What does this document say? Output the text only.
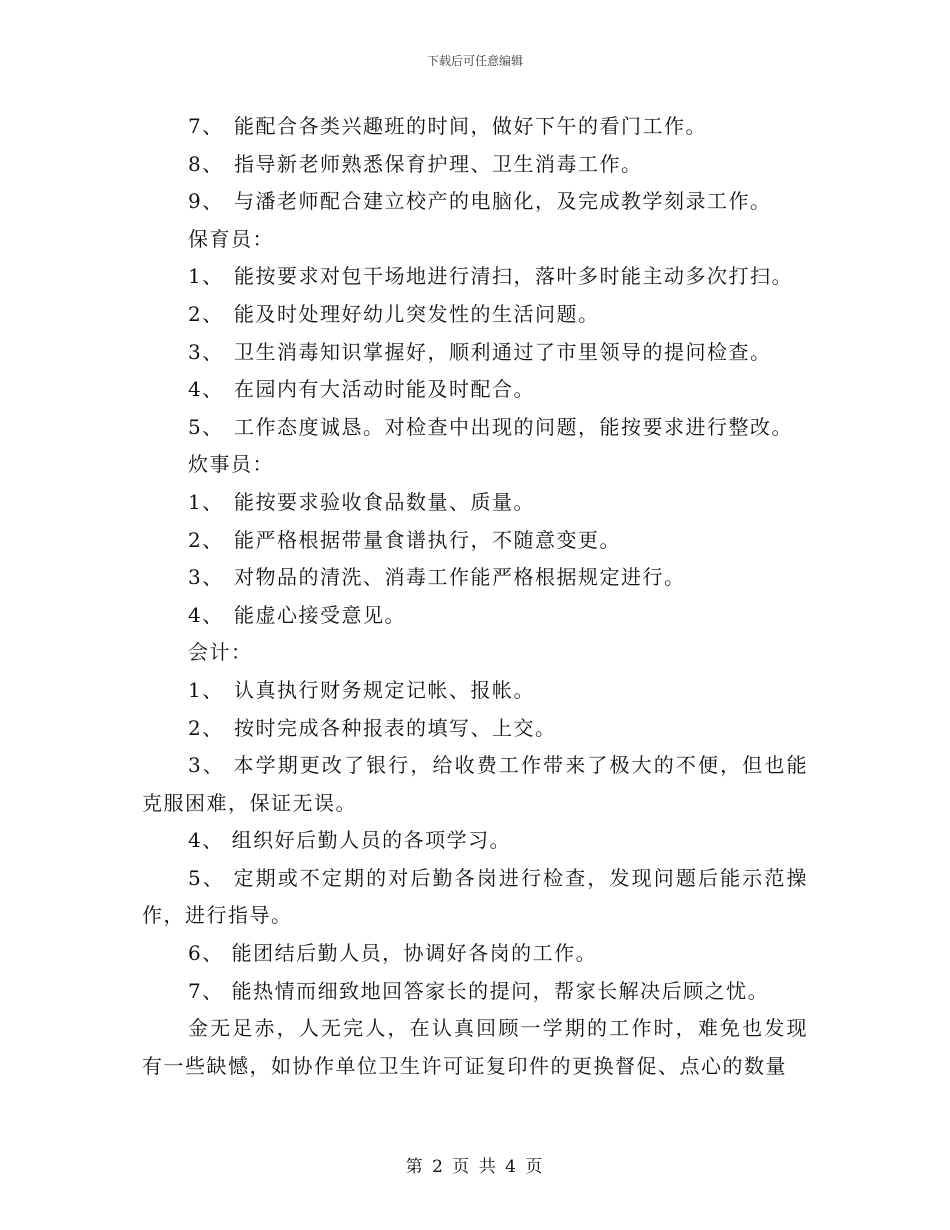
下载后可任意编辑
7、 能配合各类兴趣班的时间，做好下午的看门工作。
8、 指导新老师熟悉保育护理、卫生消毒工作。
9、 与潘老师配合建立校产的电脑化，及完成教学刻录工作。
保育员：
1、 能按要求对包干场地进行清扫，落叶多时能主动多次打扫。
2、 能及时处理好幼儿突发性的生活问题。
3、 卫生消毒知识掌握好，顺利通过了市里领导的提问检查。
4、 在园内有大活动时能及时配合。
5、 工作态度诚恳。对检查中出现的问题，能按要求进行整改。
炊事员：
1、 能按要求验收食品数量、质量。
2、 能严格根据带量食谱执行，不随意变更。
3、 对物品的清洗、消毒工作能严格根据规定进行。
4、 能虚心接受意见。
会计：
1、 认真执行财务规定记帐、报帐。
2、 按时完成各种报表的填写、上交。

3、 本学期更改了银行，给收费工作带来了极大的不便，但也能克服困难，保证无误。

4、 组织好后勤人员的各项学习。

5、 定期或不定期的对后勤各岗进行检查，发现问题后能示范操作，进行指导。

6、 能团结后勤人员，协调好各岗的工作。

7、 能热情而细致地回答家长的提问，帮家长解决后顾之忧。

金无足赤，人无完人，在认真回顾一学期的工作时，难免也发现有一些缺憾，如协作单位卫生许可证复印件的更换督促、点心的数量

第 2 页 共 4 页
